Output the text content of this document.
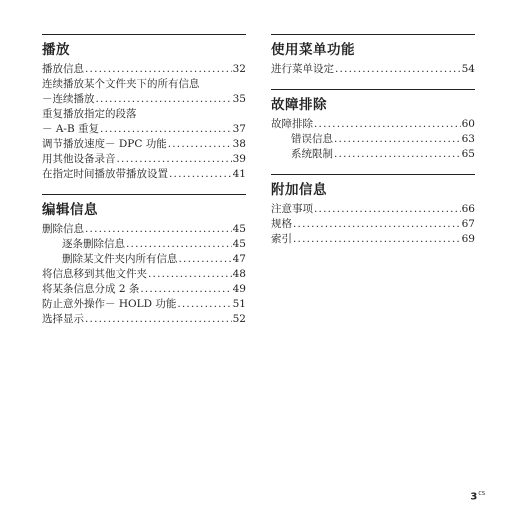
播放
播放信息 .....	32
连续播放某个文件夹下的所有信息
－连续播放 .....	35
重复播放指定的段落
－ A-B 重复 .....	37
调节播放速度－ DPC 功能 .....	38
用其他设备录音 .....	39
在指定时间播放带播放设置 .....	41
编辑信息
删除信息 .....	45
逐条删除信息 .....	45
删除某文件夹内所有信息 .....	47
将信息移到其他文件夹 .....	48
将某条信息分成 2 条 .....	49
防止意外操作－ HOLD 功能 .....	51
选择显示 .....	52
使用菜单功能
进行菜单设定 .....	54
故障排除
故障排除 .....	60
错误信息 .....	63
系统限制 .....	65
附加信息
注意事项 .....	66
规格 .....	67
索引 .....	69
$3^{CS}$
